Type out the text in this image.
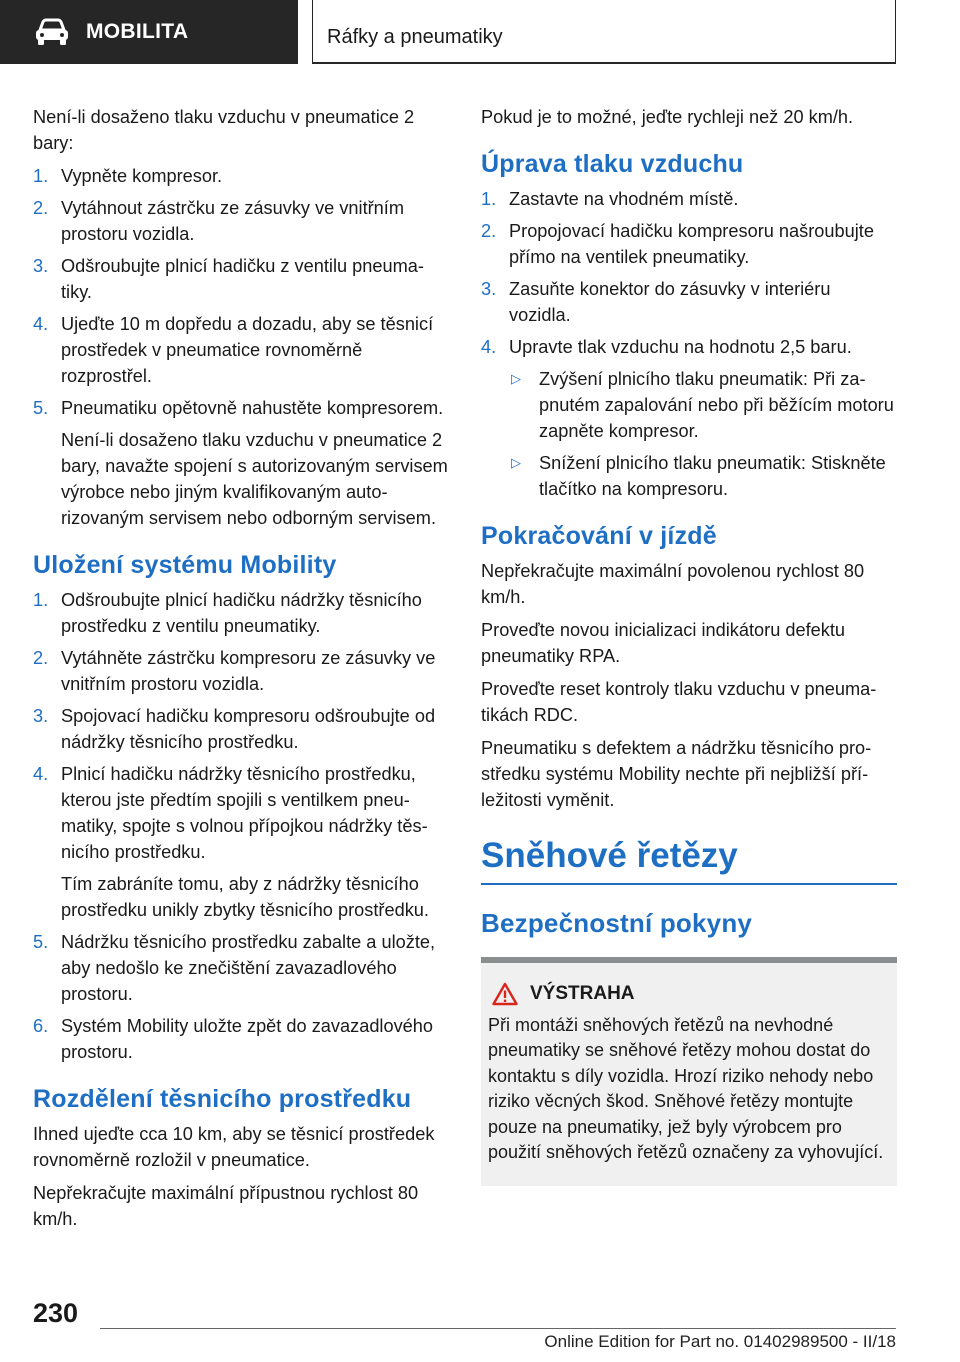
MOBILITA	Ráfky a pneumatiky

Není-li dosaženo tlaku vzduchu v pneumatice 2 bary:

1. Vypněte kompresor.
2. Vytáhnout zástrčku ze zásuvky ve vnitřním prostoru vozidla.
3. Odšroubujte plnicí hadičku z ventilu pneumatiky.
4. Ujeďte 10 m dopředu a dozadu, aby se těsnicí prostředek v pneumatice rovnoměrně rozprostřel.
5. Pneumatiku opětovně nahustěte kompresorem.

Není-li dosaženo tlaku vzduchu v pneumatice 2 bary, navažte spojení s autorizovaným servisem výrobce nebo jiným kvalifikovaným autorizovaným servisem nebo odborným servisem.

Uložení systému Mobility
1. Odšroubujte plnicí hadičku nádržky těsnicího prostředku z ventilu pneumatiky.
2. Vytáhněte zástrčku kompresoru ze zásuvky ve vnitřním prostoru vozidla.
3. Spojovací hadičku kompresoru odšroubujte od nádržky těsnicího prostředku.
4. Plnicí hadičku nádržky těsnicího prostředku, kterou jste předtím spojili s ventilkem pneumatiky, spojte s volnou přípojkou nádržky těsnicího prostředku.

Tím zabráníte tomu, aby z nádržky těsnicího prostředku unikly zbytky těsnicího prostředku.

5. Nádržku těsnicího prostředku zabalte a uložte, aby nedošlo ke znečištění zavazadlového prostoru.
6. Systém Mobility uložte zpět do zavazadlového prostoru.
Rozdělení těsnicího prostředku

Ihned ujeďte cca 10 km, aby se těsnicí prostředek rovnoměrně rozložil v pneumatice.

Nepřekračujte maximální přípustnou rychlost 80 km/h.

Pokud je to možné, jeďte rychleji než 20 km/h.

Úprava tlaku vzduchu
1. Zastavte na vhodném místě.
2. Propojovací hadičku kompresoru našroubujte přímo na ventilek pneumatiky.
3. Zasuňte konektor do zásuvky v interiéru vozidla.
4. Upravte tlak vzduchu na hodnotu 2,5 baru.
▷ Zvýšení plnicího tlaku pneumatik: Při zapnutém zapalování nebo při běžícím motoru zapněte kompresor.
▷ Snížení plnicího tlaku pneumatik: Stiskněte tlačítko na kompresoru.
Pokračování v jízdě

Nepřekračujte maximální povolenou rychlost 80 km/h.

Proveďte novou inicializaci indikátoru defektu pneumatiky RPA.

Proveďte reset kontroly tlaku vzduchu v pneumatikách RDC.

Pneumatiku s defektem a nádržku těsnicího prostředku systému Mobility nechte při nejbližší příležitosti vyměnit.

Sněhové řetězy
Bezpečnostní pokyny
VÝSTRAHA

Při montáži sněhových řetězů na nevhodné pneumatiky se sněhové řetězy mohou dostat do kontaktu s díly vozidla. Hrozí riziko nehody nebo riziko věcných škod. Sněhové řetězy montujte pouze na pneumatiky, jež byly výrobcem pro použití sněhových řetězů označeny za vyhovující.

230
Online Edition for Part no. 01402989500 - II/18
